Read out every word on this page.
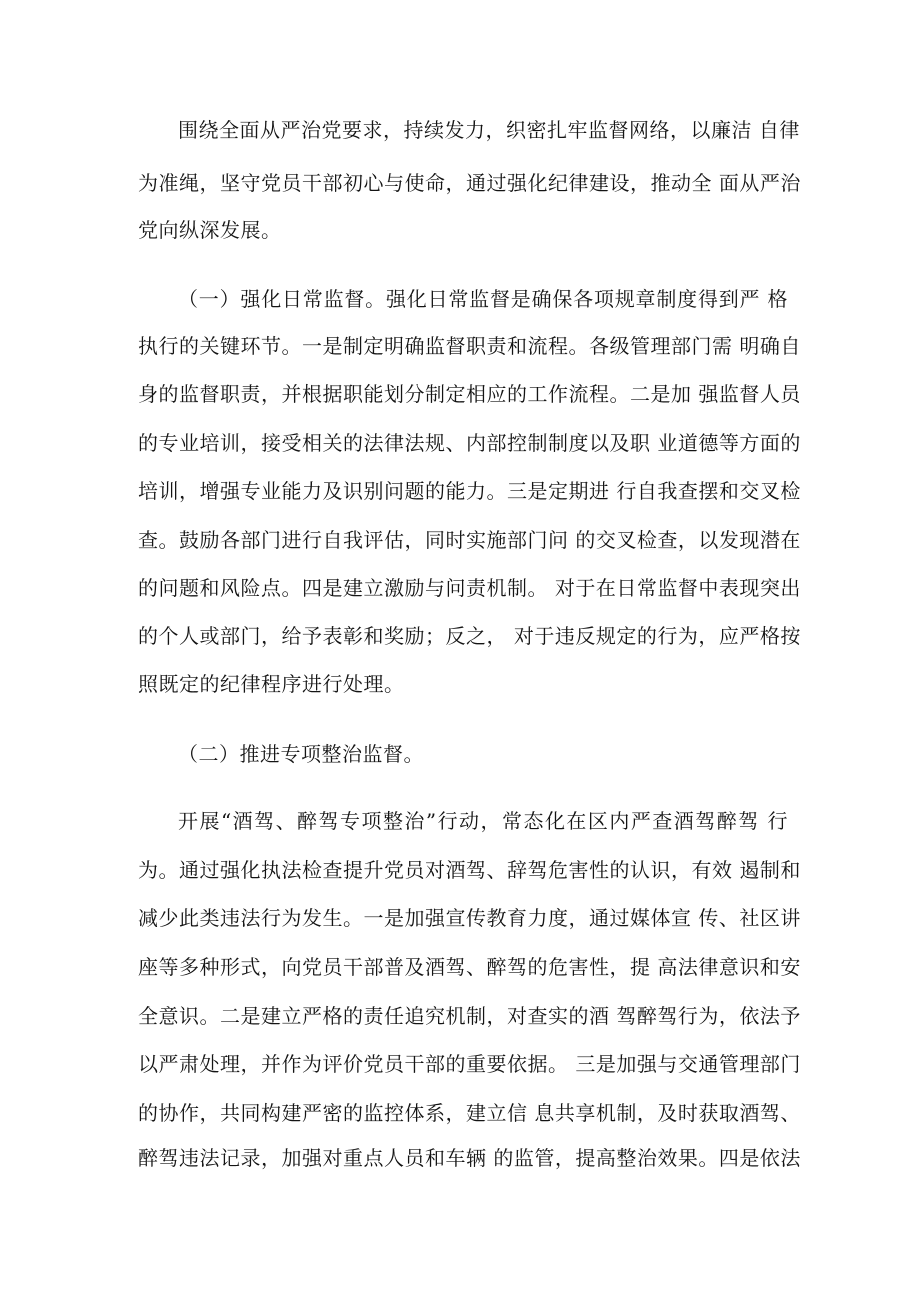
围绕全面从严治党要求，持续发力，织密扎牢监督网络，以廉洁 自律
为准绳，坚守党员干部初心与使命，通过强化纪律建设，推动全 面从严治
党向纵深发展。
（一）强化日常监督。强化日常监督是确保各项规章制度得到严 格
执行的关键环节。一是制定明确监督职责和流程。各级管理部门需 明确自
身的监督职责，并根据职能划分制定相应的工作流程。二是加 强监督人员
的专业培训，接受相关的法律法规、内部控制制度以及职 业道德等方面的
培训，增强专业能力及识别问题的能力。三是定期进 行自我查摆和交叉检
查。鼓励各部门进行自我评估，同时实施部门问 的交叉检查，以发现潜在
的问题和风险点。四是建立激励与问责机制。 对于在日常监督中表现突出
的个人或部门，给予表彰和奖励；反之， 对于违反规定的行为，应严格按
照既定的纪律程序进行处理。
（二）推进专项整治监督。
开展“酒驾、醉驾专项整治”行动，常态化在区内严查酒驾醉驾 行
为。通过强化执法检查提升党员对酒驾、辞驾危害性的认识，有效 遏制和
减少此类违法行为发生。一是加强宣传教育力度，通过媒体宣 传、社区讲
座等多种形式，向党员干部普及酒驾、醉驾的危害性，提 高法律意识和安
全意识。二是建立严格的责任追究机制，对查实的酒 驾醉驾行为，依法予
以严肃处理，并作为评价党员干部的重要依据。 三是加强与交通管理部门
的协作，共同构建严密的监控体系，建立信 息共享机制，及时获取酒驾、
醉驾违法记录，加强对重点人员和车辆 的监管，提高整治效果。四是依法
